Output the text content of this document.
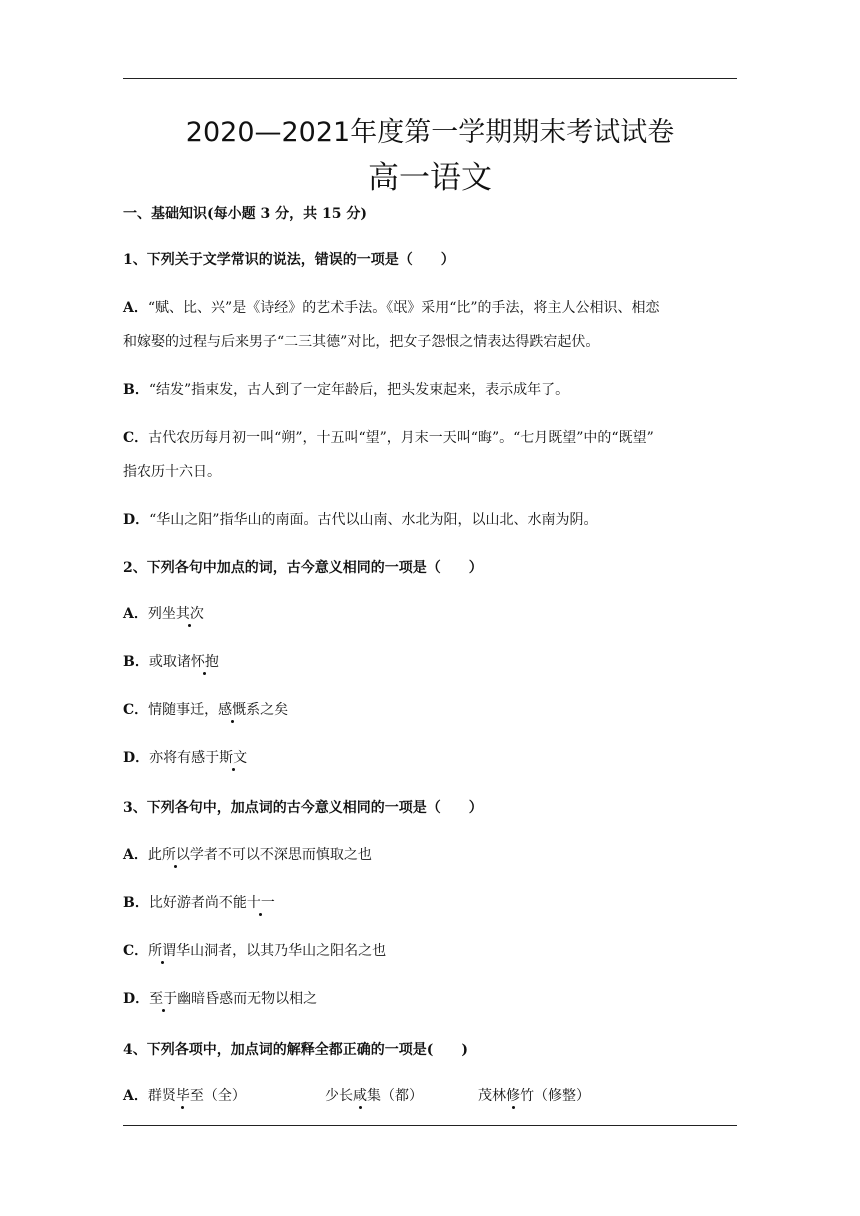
2020—2021年度第一学期期末考试试卷
高一语文
一、基础知识(每小题 3 分，共 15 分)
1、下列关于文学常识的说法，错误的一项是（　　）
A．“赋、比、兴”是《诗经》的艺术手法。《氓》采用“比”的手法，将主人公相识、相恋
和嫁娶的过程与后来男子“二三其德”对比，把女子怨恨之情表达得跌宕起伏。
B．“结发”指束发，古人到了一定年龄后，把头发束起来，表示成年了。
C．古代农历每月初一叫“朔”，十五叫“望”，月末一天叫“晦”。“七月既望”中的“既望”
指农历十六日。
D．“华山之阳”指华山的南面。古代以山南、水北为阳，以山北、水南为阴。
2、下列各句中加点的词，古今意义相同的一项是（　　）
A．列坐其次
B．或取诸怀抱
C．情随事迁，感慨系之矣
D．亦将有感于斯文
3、下列各句中，加点词的古今意义相同的一项是（　　）
A．此所以学者不可以不深思而慎取之也
B．比好游者尚不能十一
C．所谓华山洞者，以其乃华山之阳名之也
D．至于幽暗昏惑而无物以相之
4、下列各项中，加点词的解释全都正确的一项是(　　)
A．群贤毕至（全）	少长咸集（都）	茂林修竹（修整）
